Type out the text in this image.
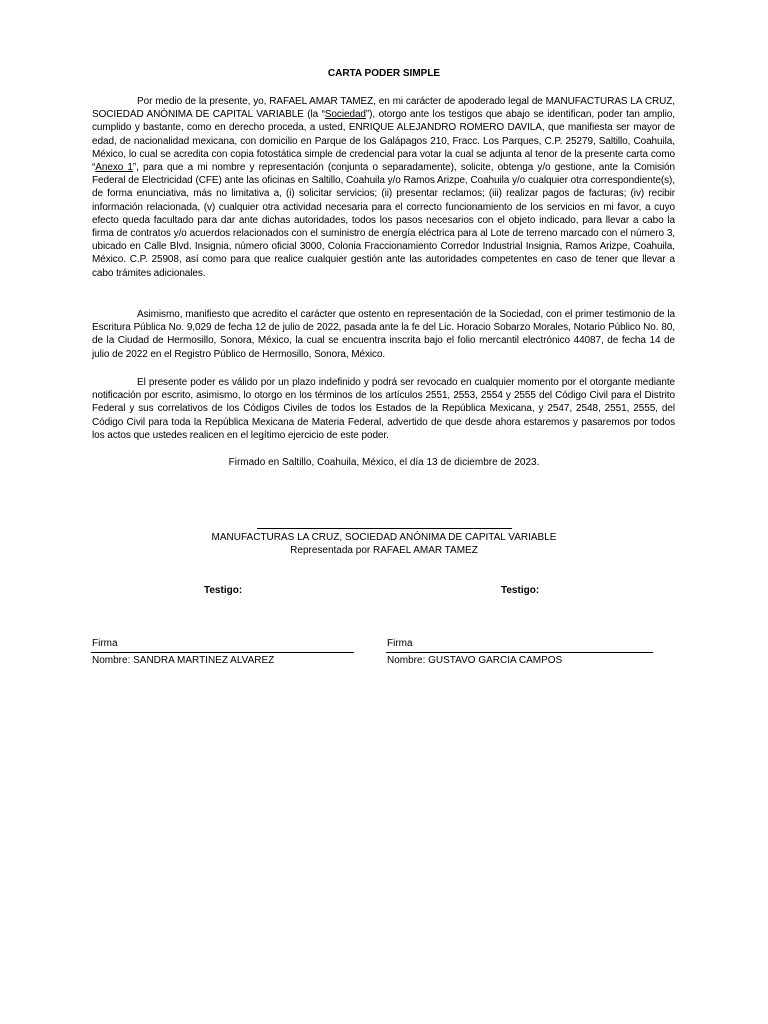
CARTA PODER SIMPLE

Por medio de la presente, yo, RAFAEL AMAR TAMEZ, en mi carácter de apoderado legal de MANUFACTURAS LA CRUZ, SOCIEDAD ANÓNIMA DE CAPITAL VARIABLE (la “Sociedad”), otorgo ante los testigos que abajo se identifican, poder tan amplio, cumplido y bastante, como en derecho proceda, a usted, ENRIQUE ALEJANDRO ROMERO DAVILA, que manifiesta ser mayor de edad, de nacionalidad mexicana, con domicilio en Parque de los Galápagos 210, Fracc. Los Parques, C.P. 25279, Saltillo, Coahuila, México, lo cual se acredita con copia fotostática simple de credencial para votar la cual se adjunta al tenor de la presente carta como “Anexo 1”, para que a mi nombre y representación (conjunta o separadamente), solicite, obtenga y/o gestione, ante la Comisión Federal de Electricidad (CFE) ante las oficinas en Saltillo, Coahuila y/o Ramos Arizpe, Coahuila y/o cualquier otra correspondiente(s), de forma enunciativa, más no limitativa a, (i) solicitar servicios; (ii) presentar reclamos; (iii) realizar pagos de facturas; (iv) recibir información relacionada, (v) cualquier otra actividad necesaria para el correcto funcionamiento de los servicios en mi favor, a cuyo efecto queda facultado para dar ante dichas autoridades, todos los pasos necesarios con el objeto indicado, para llevar a cabo la firma de contratos y/o acuerdos relacionados con el suministro de energía eléctrica para al Lote de terreno marcado con el número 3, ubicado en Calle Blvd. Insignia, número oficial 3000, Colonia Fraccionamiento Corredor Industrial Insignia, Ramos Arizpe, Coahuila, México. C.P. 25908, así como para que realice cualquier gestión ante las autoridades competentes en caso de tener que llevar a cabo trámites adicionales.

Asimismo, manifiesto que acredito el carácter que ostento en representación de la Sociedad, con el primer testimonio de la Escritura Pública No. 9,029 de fecha 12 de julio de 2022, pasada ante la fe del Lic. Horacio Sobarzo Morales, Notario Público No. 80, de la Ciudad de Hermosillo, Sonora, México, la cual se encuentra inscrita bajo el folio mercantil electrónico 44087, de fecha 14 de julio de 2022 en el Registro Público de Hermosillo, Sonora, México.

El presente poder es válido por un plazo indefinido y podrá ser revocado en cualquier momento por el otorgante mediante notificación por escrito, asimismo, lo otorgo en los términos de los artículos 2551, 2553, 2554 y 2555 del Código Civil para el Distrito Federal y sus correlativos de los Códigos Civiles de todos los Estados de la República Mexicana, y 2547, 2548, 2551, 2555, del Código Civil para toda la República Mexicana de Materia Federal, advertido de que desde ahora estaremos y pasaremos por todos los actos que ustedes realicen en el legítimo ejercicio de este poder.

Firmado en Saltillo, Coahuila, México, el día 13 de diciembre de 2023.
MANUFACTURAS LA CRUZ, SOCIEDAD ANÓNIMA DE CAPITAL VARIABLE
Representada por RAFAEL AMAR TAMEZ
Testigo:	Testigo:
Firma
Nombre: SANDRA MARTINEZ ALVAREZ
Firma
Nombre: GUSTAVO GARCIA CAMPOS
